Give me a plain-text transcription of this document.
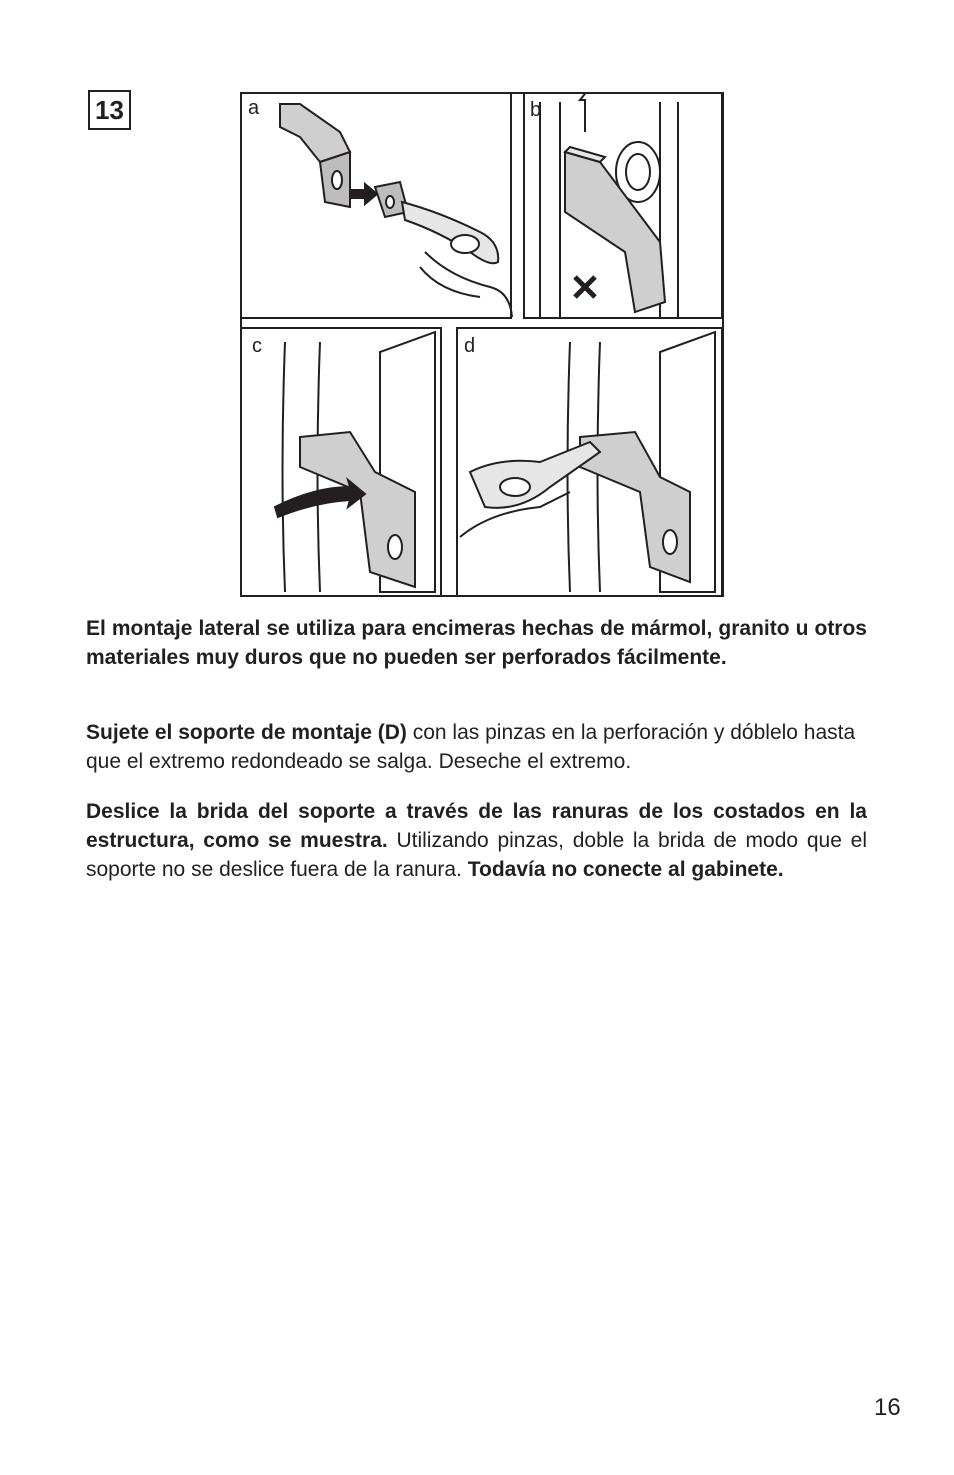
13	a	b
c	d

El montaje lateral se utiliza para encimeras hechas de mármol, granito u otros materiales muy duros que no pueden ser perforados fácilmente.

Sujete el soporte de montaje (D) con las pinzas en la perforación y dóblelo hasta que el extremo redondeado se salga. Deseche el extremo.

Deslice la brida del soporte a través de las ranuras de los costados en la estructura, como se muestra. Utilizando pinzas, doble la brida de modo que el soporte no se deslice fuera de la ranura. Todavía no conecte al gabinete.

16
